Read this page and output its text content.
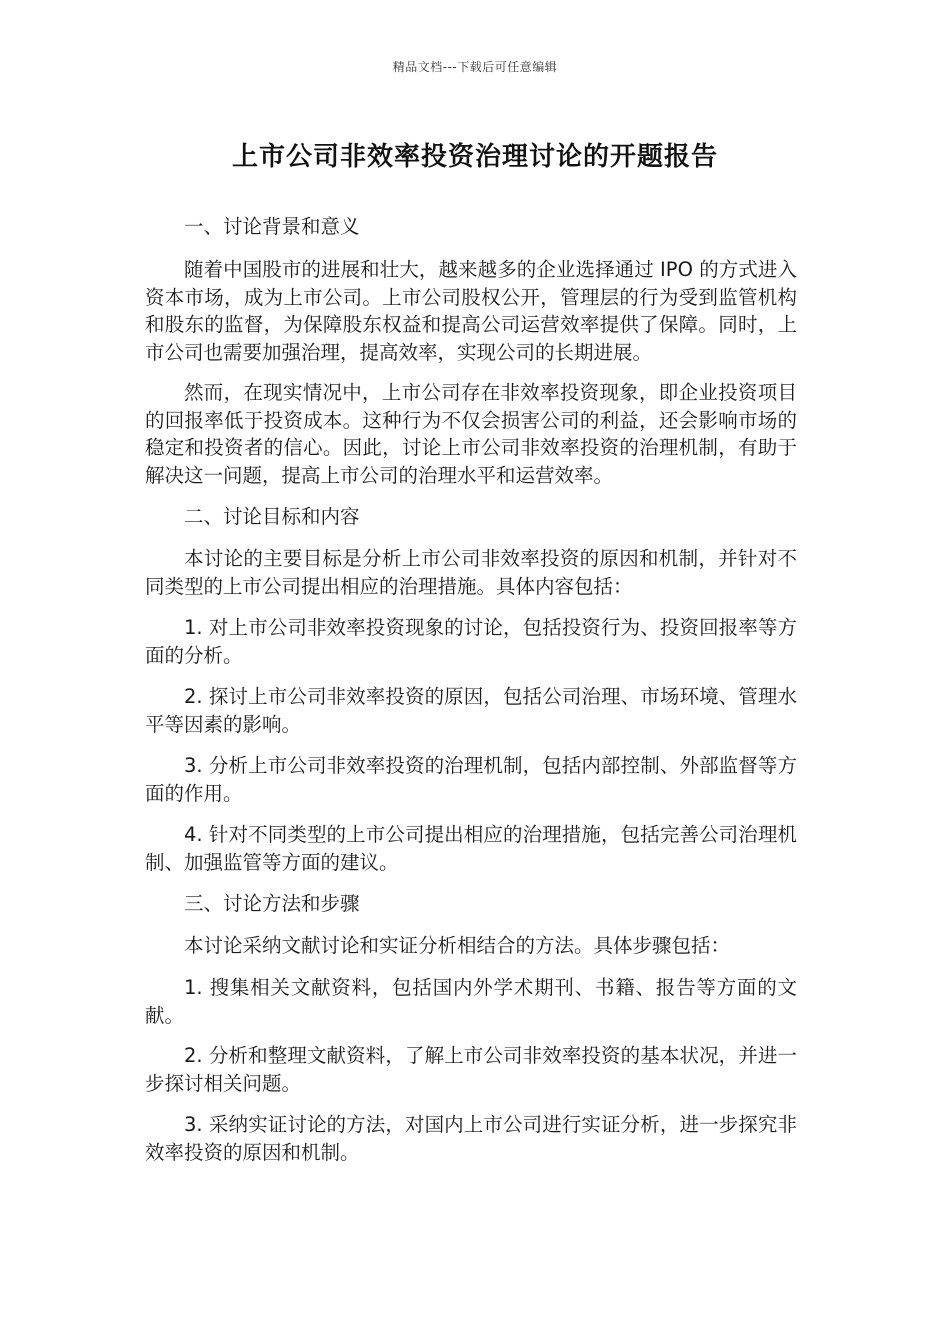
精品文档---下载后可任意编辑
上市公司非效率投资治理讨论的开题报告

一、讨论背景和意义

随着中国股市的进展和壮大，越来越多的企业选择通过 IPO 的方式进入资本市场，成为上市公司。上市公司股权公开，管理层的行为受到监管机构和股东的监督，为保障股东权益和提高公司运营效率提供了保障。同时，上市公司也需要加强治理，提高效率，实现公司的长期进展。

然而，在现实情况中，上市公司存在非效率投资现象，即企业投资项目的回报率低于投资成本。这种行为不仅会损害公司的利益，还会影响市场的稳定和投资者的信心。因此，讨论上市公司非效率投资的治理机制，有助于解决这一问题，提高上市公司的治理水平和运营效率。

二、讨论目标和内容

本讨论的主要目标是分析上市公司非效率投资的原因和机制，并针对不同类型的上市公司提出相应的治理措施。具体内容包括：

1. 对上市公司非效率投资现象的讨论，包括投资行为、投资回报率等方面的分析。

2. 探讨上市公司非效率投资的原因，包括公司治理、市场环境、管理水平等因素的影响。

3. 分析上市公司非效率投资的治理机制，包括内部控制、外部监督等方面的作用。

4. 针对不同类型的上市公司提出相应的治理措施，包括完善公司治理机制、加强监管等方面的建议。

三、讨论方法和步骤

本讨论采纳文献讨论和实证分析相结合的方法。具体步骤包括：

1. 搜集相关文献资料，包括国内外学术期刊、书籍、报告等方面的文献。

2. 分析和整理文献资料，了解上市公司非效率投资的基本状况，并进一步探讨相关问题。

3. 采纳实证讨论的方法，对国内上市公司进行实证分析，进一步探究非效率投资的原因和机制。
